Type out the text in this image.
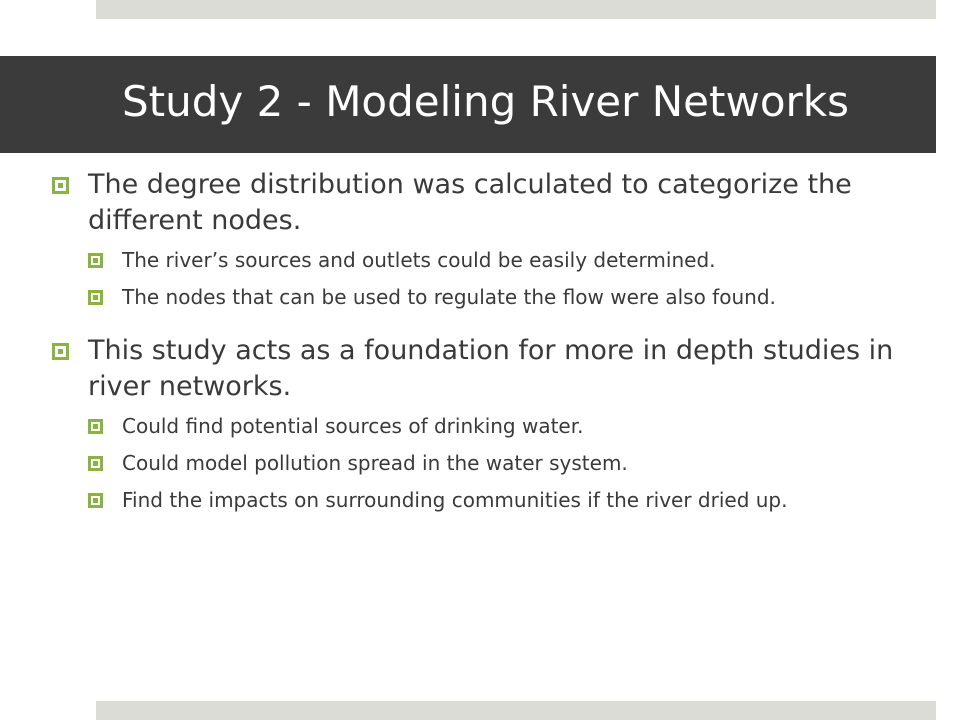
Study 2 - Modeling River Networks

The degree distribution was calculated to categorize the different nodes.

The river’s sources and outlets could be easily determined.

The nodes that can be used to regulate the flow were also found.

This study acts as a foundation for more in depth studies in river networks.

Could find potential sources of drinking water.

Could model pollution spread in the water system.

Find the impacts on surrounding communities if the river dried up.
